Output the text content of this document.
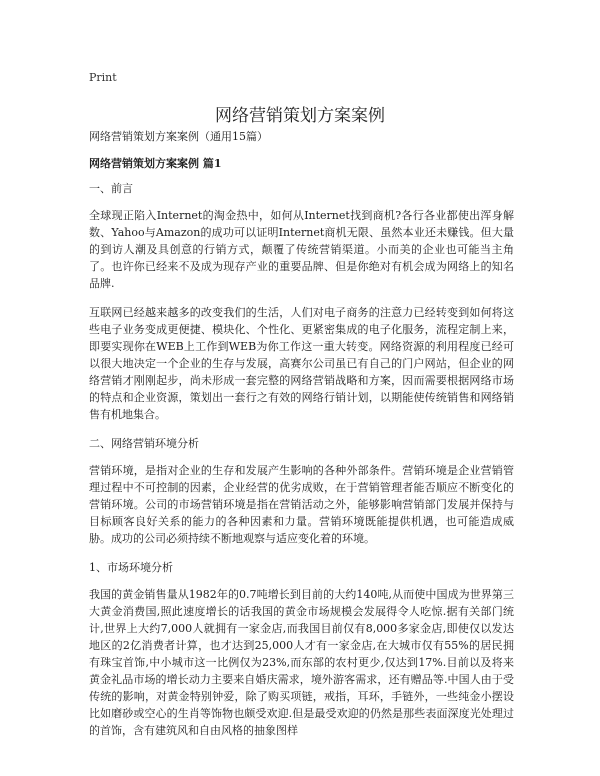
Print
网络营销策划方案案例

网络营销策划方案案例（通用15篇）

网络营销策划方案案例 篇1

一、前言

全球现正陷入Internet的淘金热中，如何从Internet找到商机?各行各业都使出浑身解数、Yahoo与Amazon的成功可以证明Internet商机无限、虽然本业还未赚钱。但大量的到访人潮及具创意的行销方式，颠覆了传统营销渠道。小而美的企业也可能当主角了。也许你已经来不及成为现存产业的重要品牌、但是你绝对有机会成为网络上的知名品牌.

互联网已经越来越多的改变我们的生活，人们对电子商务的注意力已经转变到如何将这些电子业务变成更便捷、模块化、个性化、更紧密集成的电子化服务，流程定制上来，即要实现你在WEB上工作到WEB为你工作这一重大转变。网络资源的利用程度已经可以很大地决定一个企业的生存与发展，高赛尔公司虽已有自己的门户网站，但企业的网络营销才刚刚起步，尚未形成一套完整的网络营销战略和方案，因而需要根据网络市场的特点和企业资源，策划出一套行之有效的网络行销计划，以期能使传统销售和网络销售有机地集合。

二、网络营销环境分析

营销环境，是指对企业的生存和发展产生影响的各种外部条件。营销环境是企业营销管理过程中不可控制的因素，企业经营的优劣成败，在于营销管理者能否顺应不断变化的营销环境。公司的市场营销环境是指在营销活动之外，能够影响营销部门发展并保持与目标顾客良好关系的能力的各种因素和力量。营销环境既能提供机遇，也可能造成威胁。成功的公司必须持续不断地观察与适应变化着的环境。

1、市场环境分析

我国的黄金销售量从1982年的0.7吨增长到目前的大约140吨,从而使中国成为世界第三大黄金消费国,照此速度增长的话我国的黄金市场规模会发展得令人吃惊.据有关部门统计,世界上大约7,000人就拥有一家金店,而我国目前仅有8,000多家金店,即使仅以发达地区的2亿消费者计算，也才达到25,000人才有一家金店,在大城市仅有55%的居民拥有珠宝首饰,中小城市这一比例仅为23%,而东部的农村更少,仅达到17%.目前以及将来黄金礼品市场的增长动力主要来自婚庆需求，境外游客需求，还有赠品等.中国人由于受传统的影响，对黄金特别钟爱，除了购买项链，戒指，耳环，手链外，一些纯金小摆设比如磨砂或空心的生肖等饰物也颇受欢迎.但是最受欢迎的仍然是那些表面深度光处理过的首饰，含有建筑风和自由风格的抽象图样
